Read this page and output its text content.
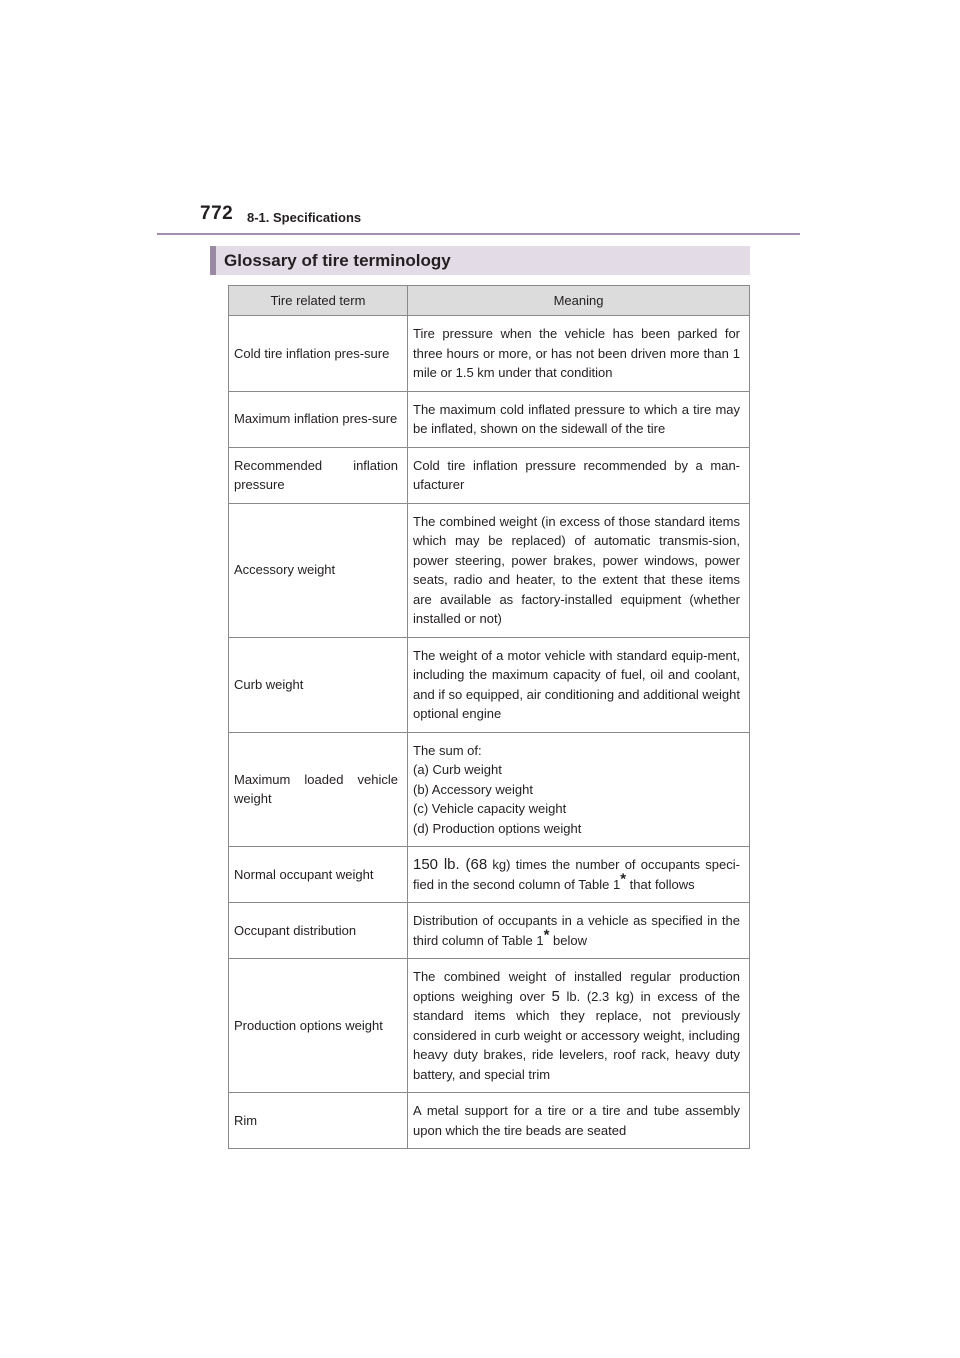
772 8-1. Specifications
Glossary of tire terminology
Tire related term	Meaning
Cold tire inflation pres-sure	Tire pressure when the vehicle has been parked for three hours or more, or has not been driven more than 1 mile or 1.5 km under that condition
Maximum inflation pres-sure	The maximum cold inflated pressure to which a tire may be inflated, shown on the sidewall of the tire
Recommended inflation pressure	Cold tire inflation pressure recommended by a man-ufacturer
Accessory weight	The combined weight (in excess of those standard items which may be replaced) of automatic transmis-sion, power steering, power brakes, power windows, power seats, radio and heater, to the extent that these items are available as factory-installed equipment (whether installed or not)
Curb weight	The weight of a motor vehicle with standard equip-ment, including the maximum capacity of fuel, oil and coolant, and if so equipped, air conditioning and additional weight optional engine
Maximum loaded vehicle weight	The sum of:
(a) Curb weight
(b) Accessory weight
(c) Vehicle capacity weight
(d) Production options weight

Normal occupant weight	150 lb. (68 kg) times the number of occupants speci-fied in the second column of Table 1* that follows
Occupant distribution	Distribution of occupants in a vehicle as specified in the third column of Table 1* below
Production options weight	The combined weight of installed regular production options weighing over 5 lb. (2.3 kg) in excess of the standard items which they replace, not previously considered in curb weight or accessory weight, including heavy duty brakes, ride levelers, roof rack, heavy duty battery, and special trim
Rim	A metal support for a tire or a tire and tube assembly upon which the tire beads are seated
